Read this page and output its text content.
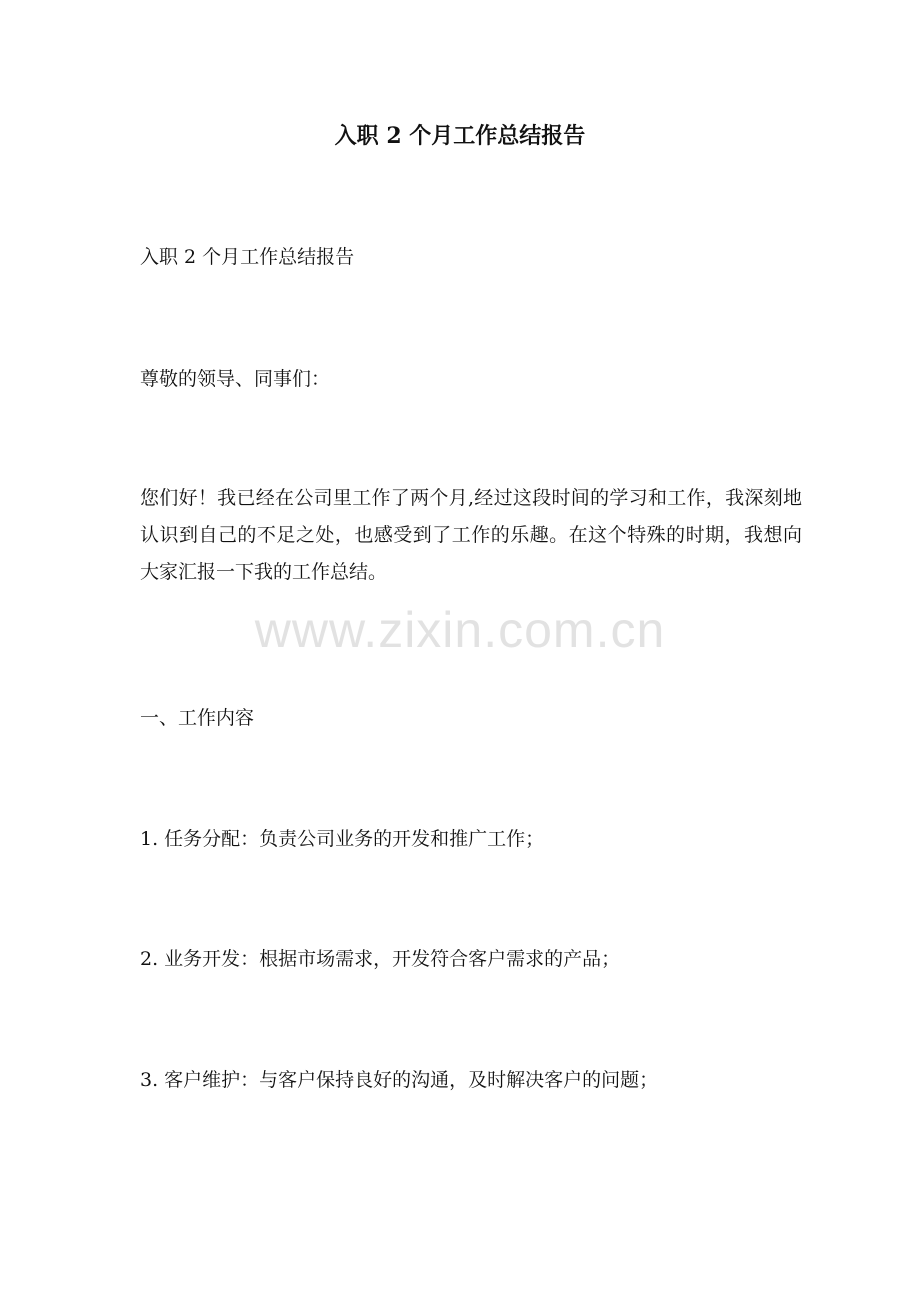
入职 2 个月工作总结报告

入职 2 个月工作总结报告

尊敬的领导、同事们：

您们好！我已经在公司里工作了两个月,经过这段时间的学习和工作，我深刻地认识到自己的不足之处，也感受到了工作的乐趣。在这个特殊的时期，我想向大家汇报一下我的工作总结。

一、工作内容

1. 任务分配：负责公司业务的开发和推广工作；

2. 业务开发：根据市场需求，开发符合客户需求的产品；

3. 客户维护：与客户保持良好的沟通，及时解决客户的问题；

www.zixin.com.cn
